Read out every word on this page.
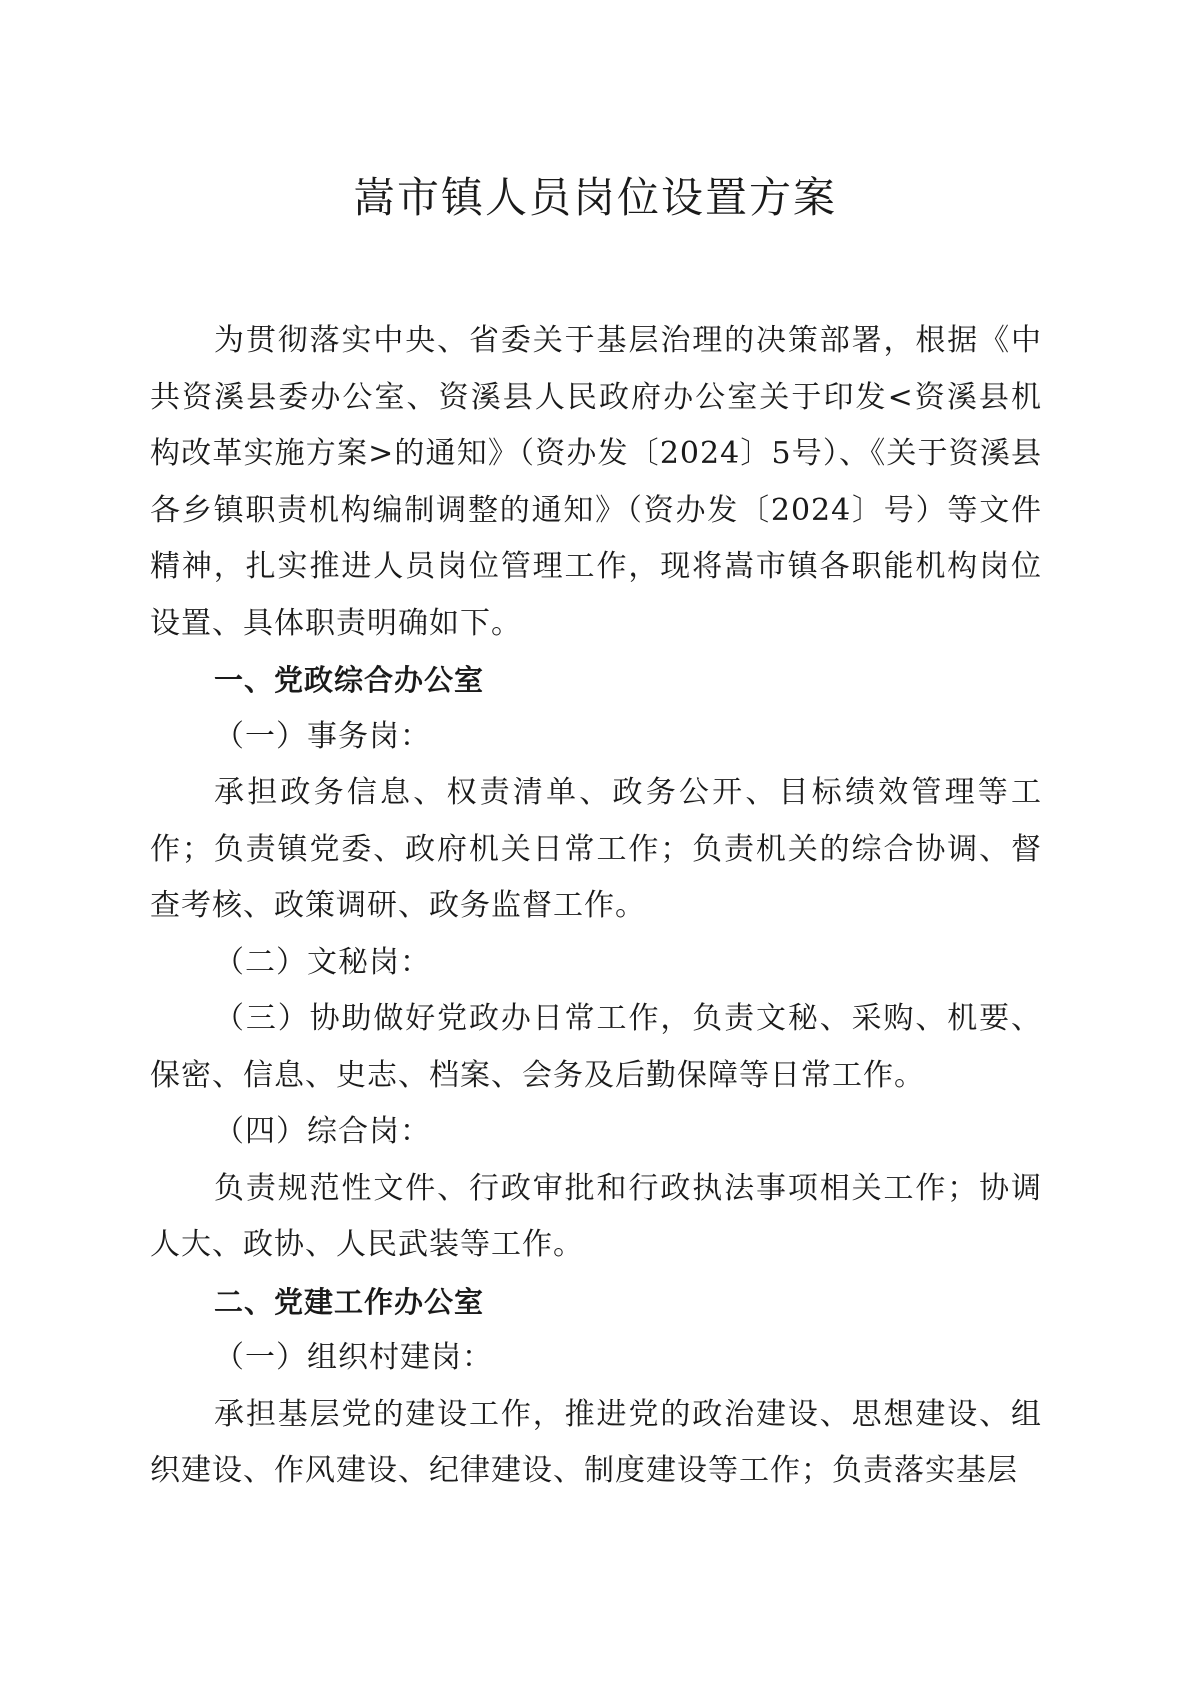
嵩市镇人员岗位设置方案

为贯彻落实中央、省委关于基层治理的决策部署，根据《中共资溪县委办公室、资溪县人民政府办公室关于印发<资溪县机构改革实施方案>的通知》（资办发〔2024〕5号）、《关于资溪县各乡镇职责机构编制调整的通知》（资办发〔2024〕号）等文件精神，扎实推进人员岗位管理工作，现将嵩市镇各职能机构岗位设置、具体职责明确如下。

一、党政综合办公室

（一）事务岗：

承担政务信息、权责清单、政务公开、目标绩效管理等工作；负责镇党委、政府机关日常工作；负责机关的综合协调、督查考核、政策调研、政务监督工作。

（二）文秘岗：

（三）协助做好党政办日常工作，负责文秘、采购、机要、保密、信息、史志、档案、会务及后勤保障等日常工作。

（四）综合岗：

负责规范性文件、行政审批和行政执法事项相关工作；协调人大、政协、人民武装等工作。

二、党建工作办公室

（一）组织村建岗：

承担基层党的建设工作，推进党的政治建设、思想建设、组织建设、作风建设、纪律建设、制度建设等工作；负责落实基层
